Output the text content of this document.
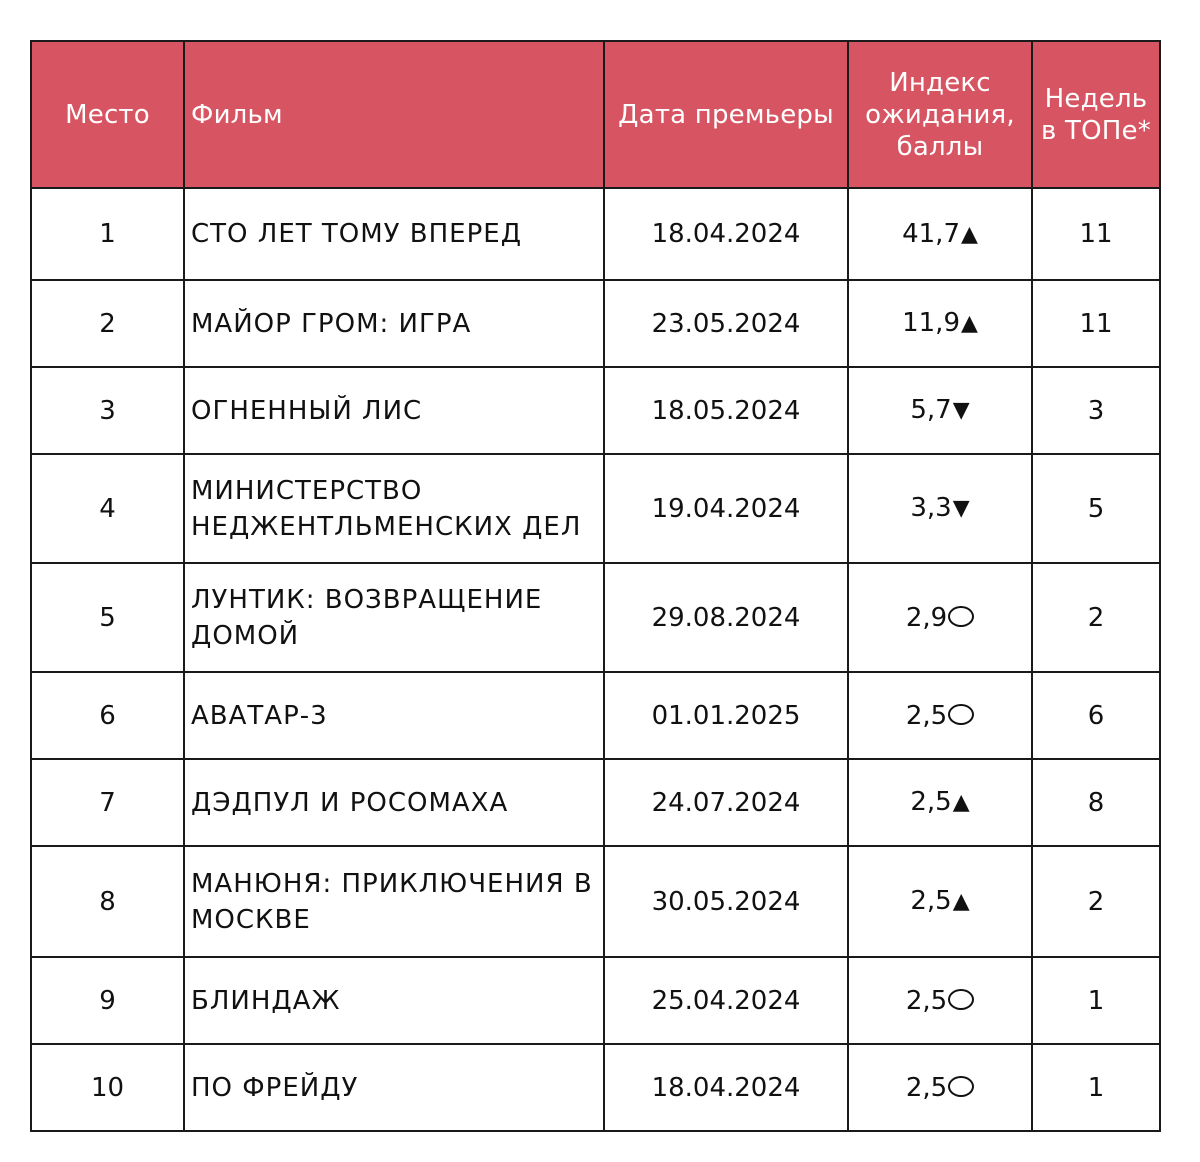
Место	Фильм	Дата премьеры	Индекс ожидания, баллы	Недель в ТОПе*
1	СТО ЛЕТ ТОМУ ВПЕРЕД	18.04.2024	41,7▲	11
2	МАЙОР ГРОМ: ИГРА	23.05.2024	11,9▲	11
3	ОГНЕННЫЙ ЛИС	18.05.2024	5,7▼	3
4	МИНИСТЕРСТВО НЕДЖЕНТЛЬМЕНСКИХ ДЕЛ	19.04.2024	3,3▼	5
5	ЛУНТИК: ВОЗВРАЩЕНИЕ ДОМОЙ	29.08.2024	2,9	2
6	АВАТАР-3	01.01.2025	2,5	6
7	ДЭДПУЛ И РОСОМАХА	24.07.2024	2,5▲	8
8	МАНЮНЯ: ПРИКЛЮЧЕНИЯ В МОСКВЕ	30.05.2024	2,5▲	2
9	БЛИНДАЖ	25.04.2024	2,5	1
10	ПО ФРЕЙДУ	18.04.2024	2,5	1
